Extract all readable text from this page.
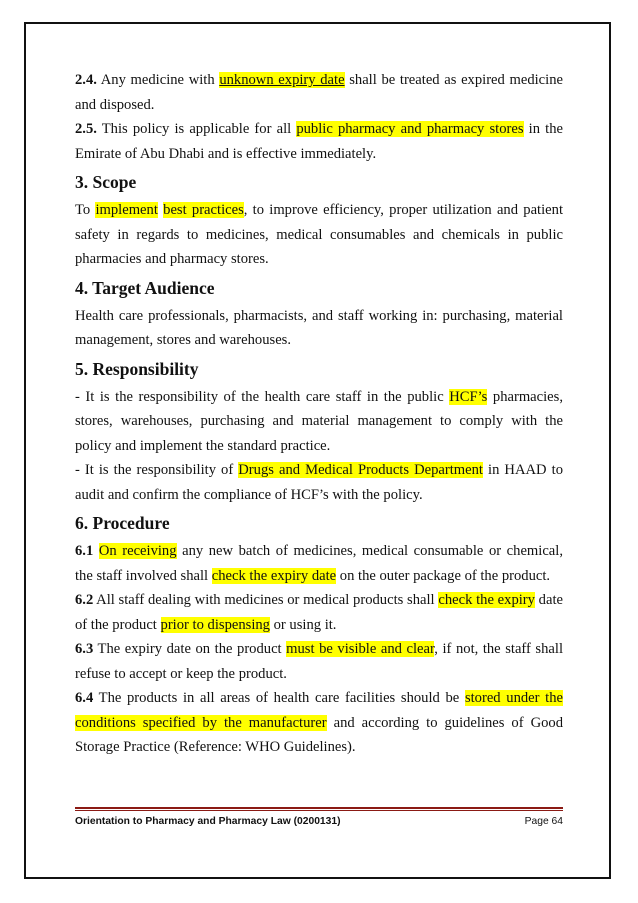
2.4. Any medicine with unknown expiry date shall be treated as expired medicine and disposed.

2.5. This policy is applicable for all public pharmacy and pharmacy stores in the Emirate of Abu Dhabi and is effective immediately.

3. Scope

To implement best practices, to improve efficiency, proper utilization and patient safety in regards to medicines, medical consumables and chemicals in public pharmacies and pharmacy stores.

4. Target Audience

Health care professionals, pharmacists, and staff working in: purchasing, material management, stores and warehouses.

5. Responsibility

- It is the responsibility of the health care staff in the public HCF’s pharmacies, stores, warehouses, purchasing and material management to comply with the policy and implement the standard practice.

- It is the responsibility of Drugs and Medical Products Department in HAAD to audit and confirm the compliance of HCF’s with the policy.

6. Procedure

6.1 On receiving any new batch of medicines, medical consumable or chemical, the staff involved shall check the expiry date on the outer package of the product.

6.2 All staff dealing with medicines or medical products shall check the expiry date of the product prior to dispensing or using it.

6.3 The expiry date on the product must be visible and clear, if not, the staff shall refuse to accept or keep the product.

6.4 The products in all areas of health care facilities should be stored under the conditions specified by the manufacturer and according to guidelines of Good Storage Practice (Reference: WHO Guidelines).

Orientation to Pharmacy and Pharmacy Law (0200131)	Page 64
